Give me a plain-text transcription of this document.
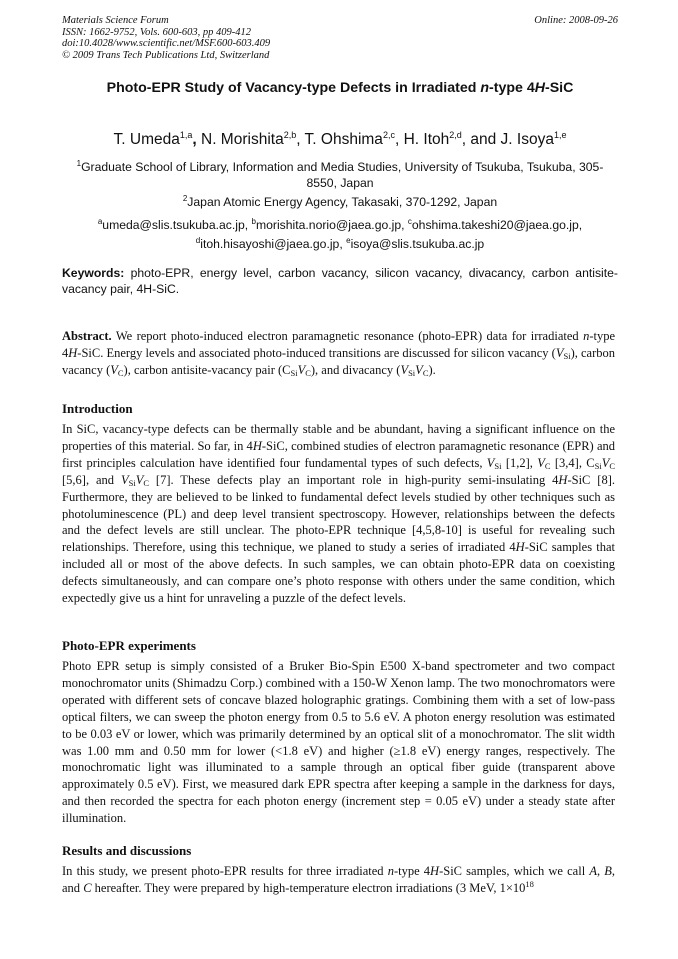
Materials Science Forum
ISSN: 1662-9752, Vols. 600-603, pp 409-412
doi:10.4028/www.scientific.net/MSF.600-603.409
© 2009 Trans Tech Publications Ltd, Switzerland
Online: 2008-09-26
Photo-EPR Study of Vacancy-type Defects in Irradiated n-type 4H-SiC
T. Umeda$^{1,a}$, N. Morishita$^{2,b}$, T. Ohshima$^{2,c}$, H. Itoh$^{2,d}$, and J. Isoya$^{1,e}$
$^1$Graduate School of Library, Information and Media Studies, University of Tsukuba, Tsukuba, 305-8550, Japan
$^2$Japan Atomic Energy Agency, Takasaki, 370-1292, Japan
$^a$umeda@slis.tsukuba.ac.jp, $^b$morishita.norio@jaea.go.jp, $^c$ohshima.takeshi20@jaea.go.jp,
$^d$itoh.hisayoshi@jaea.go.jp, $^e$isoya@slis.tsukuba.ac.jp
Keywords: photo-EPR, energy level, carbon vacancy, silicon vacancy, divacancy, carbon antisite-vacancy pair, 4H-SiC.
Abstract. We report photo-induced electron paramagnetic resonance (photo-EPR) data for irradiated n-type 4H-SiC. Energy levels and associated photo-induced transitions are discussed for silicon vacancy $(V_{Si})$, carbon vacancy $(V_C)$, carbon antisite-vacancy pair $(C_{Si}V_C)$, and divacancy $(V_{Si}V_C)$.
Introduction
In SiC, vacancy-type defects can be thermally stable and be abundant, having a significant influence on the properties of this material. So far, in 4H-SiC, combined studies of electron paramagnetic resonance (EPR) and first principles calculation have identified four fundamental types of such defects, $V_{Si}$ [1,2], $V_C$ [3,4], $C_{Si}V_C$ [5,6], and $V_{Si}V_C$ [7]. These defects play an important role in high-purity semi-insulating 4H-SiC [8]. Furthermore, they are believed to be linked to fundamental defect levels studied by other techniques such as photoluminescence (PL) and deep level transient spectroscopy. However, relationships between the defects and the defect levels are still unclear. The photo-EPR technique [4,5,8-10] is useful for revealing such relationships. Therefore, using this technique, we planed to study a series of irradiated 4H-SiC samples that included all or most of the above defects. In such samples, we can obtain photo-EPR data on coexisting defects simultaneously, and can compare one’s photo response with others under the same condition, which expectedly give us a hint for unraveling a puzzle of the defect levels.
Photo-EPR experiments
Photo EPR setup is simply consisted of a Bruker Bio-Spin E500 X-band spectrometer and two compact monochromator units (Shimadzu Corp.) combined with a 150-W Xenon lamp. The two monochromators were operated with different sets of concave blazed holographic gratings. Combining them with a set of low-pass optical filters, we can sweep the photon energy from 0.5 to 5.6 eV. A photon energy resolution was estimated to be 0.03 eV or lower, which was primarily determined by an optical slit of a monochromator. The slit width was 1.00 mm and 0.50 mm for lower (<1.8 eV) and higher (≥1.8 eV) energy ranges, respectively. The monochromatic light was illuminated to a sample through an optical fiber guide (transparent above approximately 0.5 eV). First, we measured dark EPR spectra after keeping a sample in the darkness for days, and then recorded the spectra for each photon energy (increment step = 0.05 eV) under a steady state after illumination.
Results and discussions
In this study, we present photo-EPR results for three irradiated n-type 4H-SiC samples, which we call A, B, and C hereafter. They were prepared by high-temperature electron irradiations (3 MeV, $1\times 10^{18}$
